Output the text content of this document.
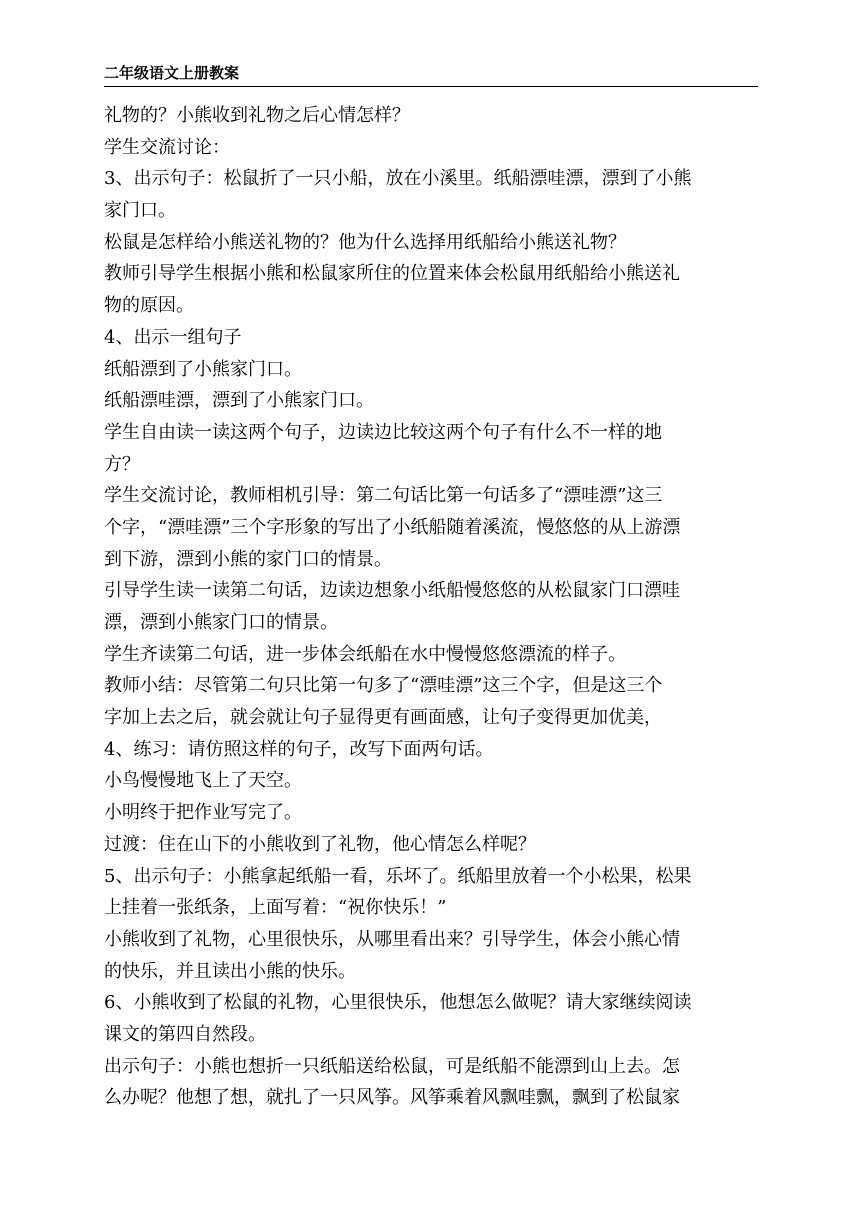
二年级语文上册教案
礼物的？小熊收到礼物之后心情怎样？
学生交流讨论：
3、出示句子：松鼠折了一只小船，放在小溪里。纸船漂哇漂，漂到了小熊
家门口。
松鼠是怎样给小熊送礼物的？他为什么选择用纸船给小熊送礼物？
教师引导学生根据小熊和松鼠家所住的位置来体会松鼠用纸船给小熊送礼
物的原因。
4、出示一组句子
纸船漂到了小熊家门口。
纸船漂哇漂，漂到了小熊家门口。
学生自由读一读这两个句子，边读边比较这两个句子有什么不一样的地
方？
学生交流讨论，教师相机引导：第二句话比第一句话多了“漂哇漂”这三
个字，“漂哇漂”三个字形象的写出了小纸船随着溪流，慢悠悠的从上游漂
到下游，漂到小熊的家门口的情景。
引导学生读一读第二句话，边读边想象小纸船慢悠悠的从松鼠家门口漂哇
漂，漂到小熊家门口的情景。
学生齐读第二句话，进一步体会纸船在水中慢慢悠悠漂流的样子。
教师小结：尽管第二句只比第一句多了“漂哇漂”这三个字，但是这三个
字加上去之后，就会就让句子显得更有画面感，让句子变得更加优美，
4、练习：请仿照这样的句子，改写下面两句话。
小鸟慢慢地飞上了天空。
小明终于把作业写完了。
过渡：住在山下的小熊收到了礼物，他心情怎么样呢？
5、出示句子：小熊拿起纸船一看，乐坏了。纸船里放着一个小松果，松果
上挂着一张纸条，上面写着：“祝你快乐！”
小熊收到了礼物，心里很快乐，从哪里看出来？引导学生，体会小熊心情
的快乐，并且读出小熊的快乐。
6、小熊收到了松鼠的礼物，心里很快乐，他想怎么做呢？请大家继续阅读
课文的第四自然段。
出示句子：小熊也想折一只纸船送给松鼠，可是纸船不能漂到山上去。怎
么办呢？他想了想，就扎了一只风筝。风筝乘着风飘哇飘，飘到了松鼠家
